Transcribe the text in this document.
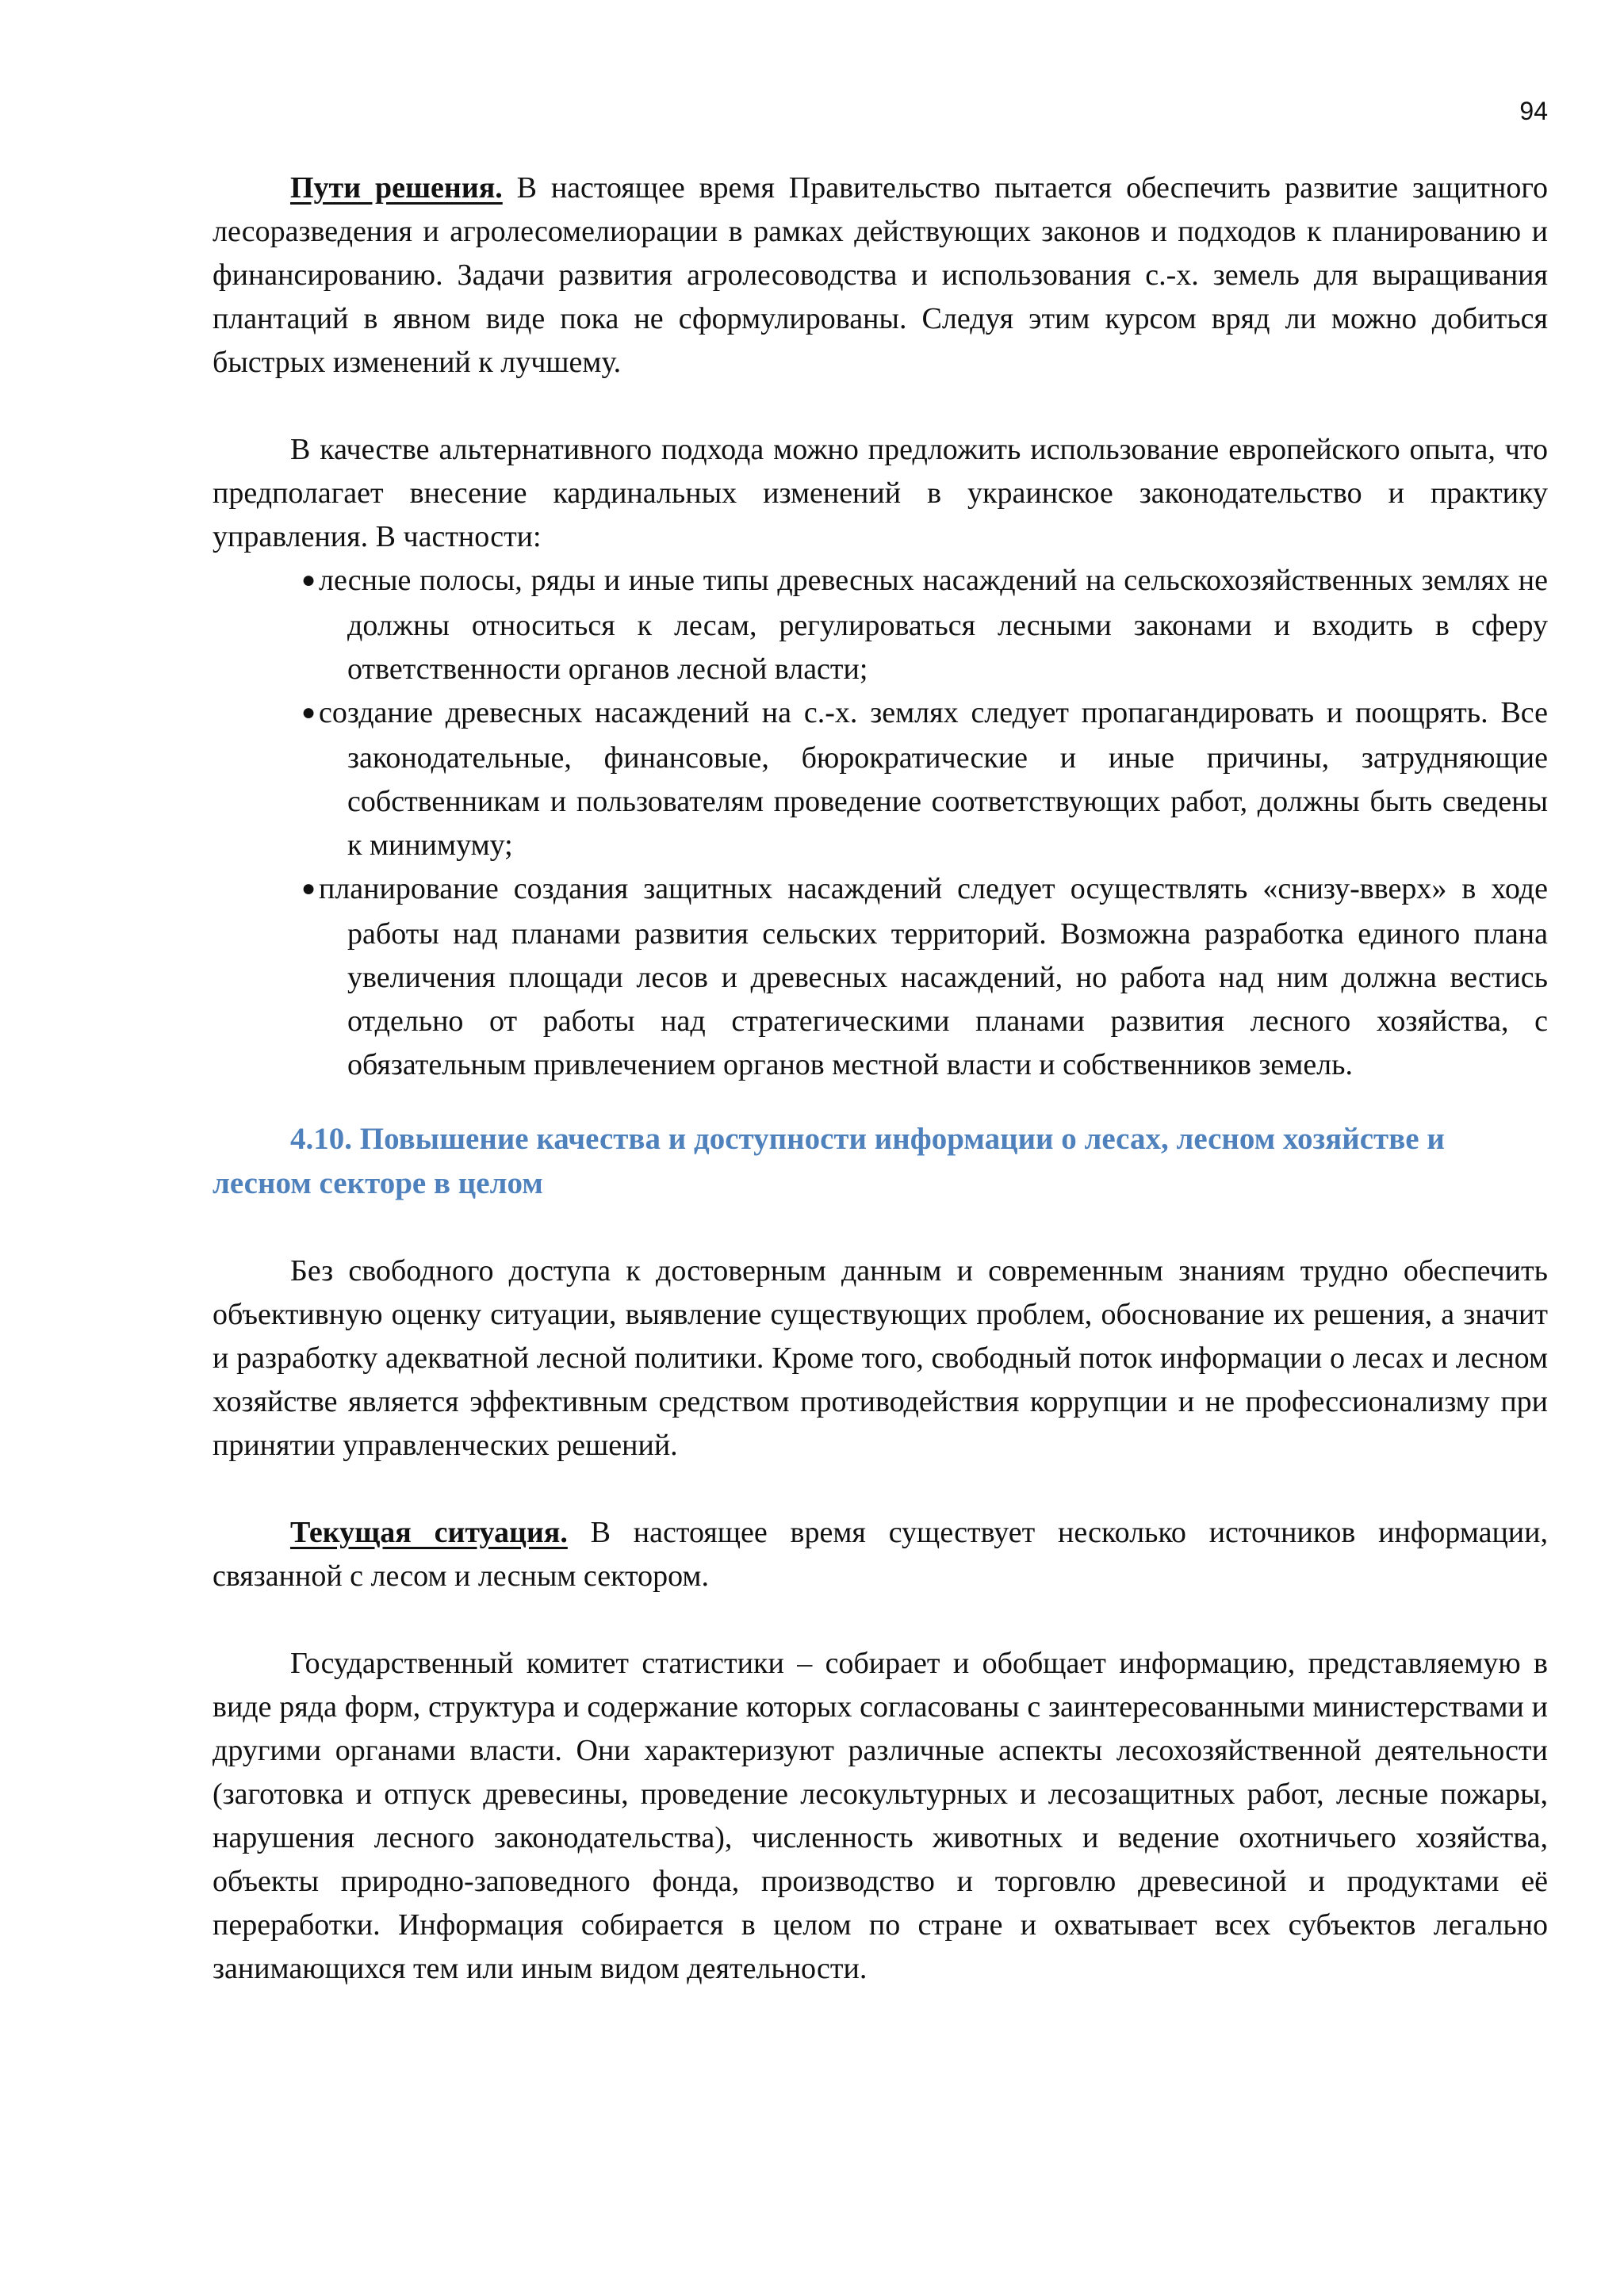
94

Пути решения. В настоящее время Правительство пытается обеспечить развитие защитного лесоразведения и агролесомелиорации в рамках действующих законов и подходов к планированию и финансированию. Задачи развития агролесоводства и использования с.-х. земель для выращивания плантаций в явном виде пока не сформулированы. Следуя этим курсом вряд ли можно добиться быстрых изменений к лучшему.

В качестве альтернативного подхода можно предложить использование европейского опыта, что предполагает внесение кардинальных изменений в украинское законодательство и практику управления. В частности:

● лесные полосы, ряды и иные типы древесных насаждений на сельскохозяйственных землях не должны относиться к лесам, регулироваться лесными законами и входить в сферу ответственности органов лесной власти;
● создание древесных насаждений на с.-х. землях следует пропагандировать и поощрять. Все законодательные, финансовые, бюрократические и иные причины, затрудняющие собственникам и пользователям проведение соответствующих работ, должны быть сведены к минимуму;
● планирование создания защитных насаждений следует осуществлять «снизу-вверх» в ходе работы над планами развития сельских территорий. Возможна разработка единого плана увеличения площади лесов и древесных насаждений, но работа над ним должна вестись отдельно от работы над стратегическими планами развития лесного хозяйства, с обязательным привлечением органов местной власти и собственников земель.
4.10. Повышение качества и доступности информации о лесах, лесном хозяйстве и лесном секторе в целом

Без свободного доступа к достоверным данным и современным знаниям трудно обеспечить объективную оценку ситуации, выявление существующих проблем, обоснование их решения, а значит и разработку адекватной лесной политики. Кроме того, свободный поток информации о лесах и лесном хозяйстве является эффективным средством противодействия коррупции и не профессионализму при принятии управленческих решений.

Текущая ситуация. В настоящее время существует несколько источников информации, связанной с лесом и лесным сектором.

Государственный комитет статистики – собирает и обобщает информацию, представляемую в виде ряда форм, структура и содержание которых согласованы с заинтересованными министерствами и другими органами власти. Они характеризуют различные аспекты лесохозяйственной деятельности (заготовка и отпуск древесины, проведение лесокультурных и лесозащитных работ, лесные пожары, нарушения лесного законодательства), численность животных и ведение охотничьего хозяйства, объекты природно-заповедного фонда, производство и торговлю древесиной и продуктами её переработки. Информация собирается в целом по стране и охватывает всех субъектов легально занимающихся тем или иным видом деятельности.
